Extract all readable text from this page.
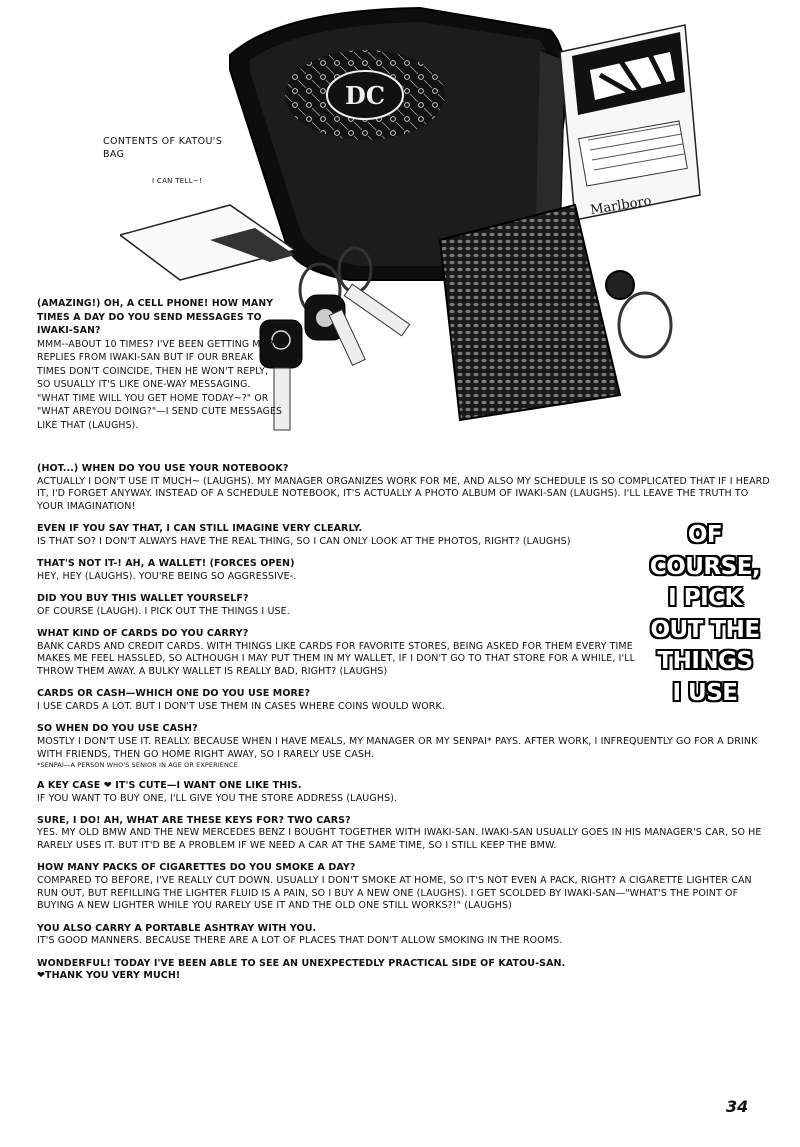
DC
Marlboro
CONTENTS OF KATOU'S BAG
I CAN TELL~!
(AMAZING!) OH, A CELL PHONE! HOW MANY TIMES A DAY DO YOU SEND MESSAGES TO IWAKI-SAN?
MMM--ABOUT 10 TIMES? I'VE BEEN GETTING MORE REPLIES FROM IWAKI-SAN BUT IF OUR BREAK TIMES DON'T COINCIDE, THEN HE WON'T REPLY, SO USUALLY IT'S LIKE ONE-WAY MESSAGING. "WHAT TIME WILL YOU GET HOME TODAY~?" OR "WHAT AREYOU DOING?"—I SEND CUTE MESSAGES LIKE THAT (LAUGHS).
(HOT...) WHEN DO YOU USE YOUR NOTEBOOK?
ACTUALLY I DON'T USE IT MUCH~ (LAUGHS). MY MANAGER ORGANIZES WORK FOR ME, AND ALSO MY SCHEDULE IS SO COMPLICATED THAT IF I HEARD IT, I'D FORGET ANYWAY. INSTEAD OF A SCHEDULE NOTEBOOK, IT'S ACTUALLY A PHOTO ALBUM OF IWAKI-SAN (LAUGHS). I'LL LEAVE THE TRUTH TO YOUR IMAGINATION!
EVEN IF YOU SAY THAT, I CAN STILL IMAGINE VERY CLEARLY.
IS THAT SO? I DON'T ALWAYS HAVE THE REAL THING, SO I CAN ONLY LOOK AT THE PHOTOS, RIGHT? (LAUGHS)
THAT'S NOT IT-! AH, A WALLET! (FORCES OPEN)
HEY, HEY (LAUGHS). YOU'RE BEING SO AGGRESSIVE-.
DID YOU BUY THIS WALLET YOURSELF?
OF COURSE (LAUGH). I PICK OUT THE THINGS I USE.
WHAT KIND OF CARDS DO YOU CARRY?
BANK CARDS AND CREDIT CARDS. WITH THINGS LIKE CARDS FOR FAVORITE STORES, BEING ASKED FOR THEM EVERY TIME MAKES ME FEEL HASSLED, SO ALTHOUGH I MAY PUT THEM IN MY WALLET, IF I DON'T GO TO THAT STORE FOR A WHILE, I'LL THROW THEM AWAY. A BULKY WALLET IS REALLY BAD, RIGHT? (LAUGHS)
CARDS OR CASH—WHICH ONE DO YOU USE MORE?
I USE CARDS A LOT. BUT I DON'T USE THEM IN CASES WHERE COINS WOULD WORK.
SO WHEN DO YOU USE CASH?
MOSTLY I DON'T USE IT. REALLY. BECAUSE WHEN I HAVE MEALS, MY MANAGER OR MY SENPAI* PAYS. AFTER WORK, I INFREQUENTLY GO FOR A DRINK WITH FRIENDS, THEN GO HOME RIGHT AWAY, SO I RARELY USE CASH.
*SENPAI—A PERSON WHO'S SENIOR IN AGE OR EXPERIENCE
A KEY CASE ❤ IT'S CUTE—I WANT ONE LIKE THIS.
IF YOU WANT TO BUY ONE, I'LL GIVE YOU THE STORE ADDRESS (LAUGHS).
SURE, I DO! AH, WHAT ARE THESE KEYS FOR? TWO CARS?
YES. MY OLD BMW AND THE NEW MERCEDES BENZ I BOUGHT TOGETHER WITH IWAKI-SAN. IWAKI-SAN USUALLY GOES IN HIS MANAGER'S CAR, SO HE RARELY USES IT. BUT IT'D BE A PROBLEM IF WE NEED A CAR AT THE SAME TIME, SO I STILL KEEP THE BMW.
HOW MANY PACKS OF CIGARETTES DO YOU SMOKE A DAY?
COMPARED TO BEFORE, I'VE REALLY CUT DOWN. USUALLY I DON'T SMOKE AT HOME, SO IT'S NOT EVEN A PACK, RIGHT? A CIGARETTE LIGHTER CAN RUN OUT, BUT REFILLING THE LIGHTER FLUID IS A PAIN, SO I BUY A NEW ONE (LAUGHS). I GET SCOLDED BY IWAKI-SAN—"WHAT'S THE POINT OF BUYING A NEW LIGHTER WHILE YOU RARELY USE IT AND THE OLD ONE STILL WORKS?!" (LAUGHS)
YOU ALSO CARRY A PORTABLE ASHTRAY WITH YOU.
IT'S GOOD MANNERS. BECAUSE THERE ARE A LOT OF PLACES THAT DON'T ALLOW SMOKING IN THE ROOMS.
WONDERFUL! TODAY I'VE BEEN ABLE TO SEE AN UNEXPECTEDLY PRACTICAL SIDE OF KATOU-SAN.
❤THANK YOU VERY MUCH!
OF
COURSE,
I PICK
OUT THE
THINGS
I USE
34
